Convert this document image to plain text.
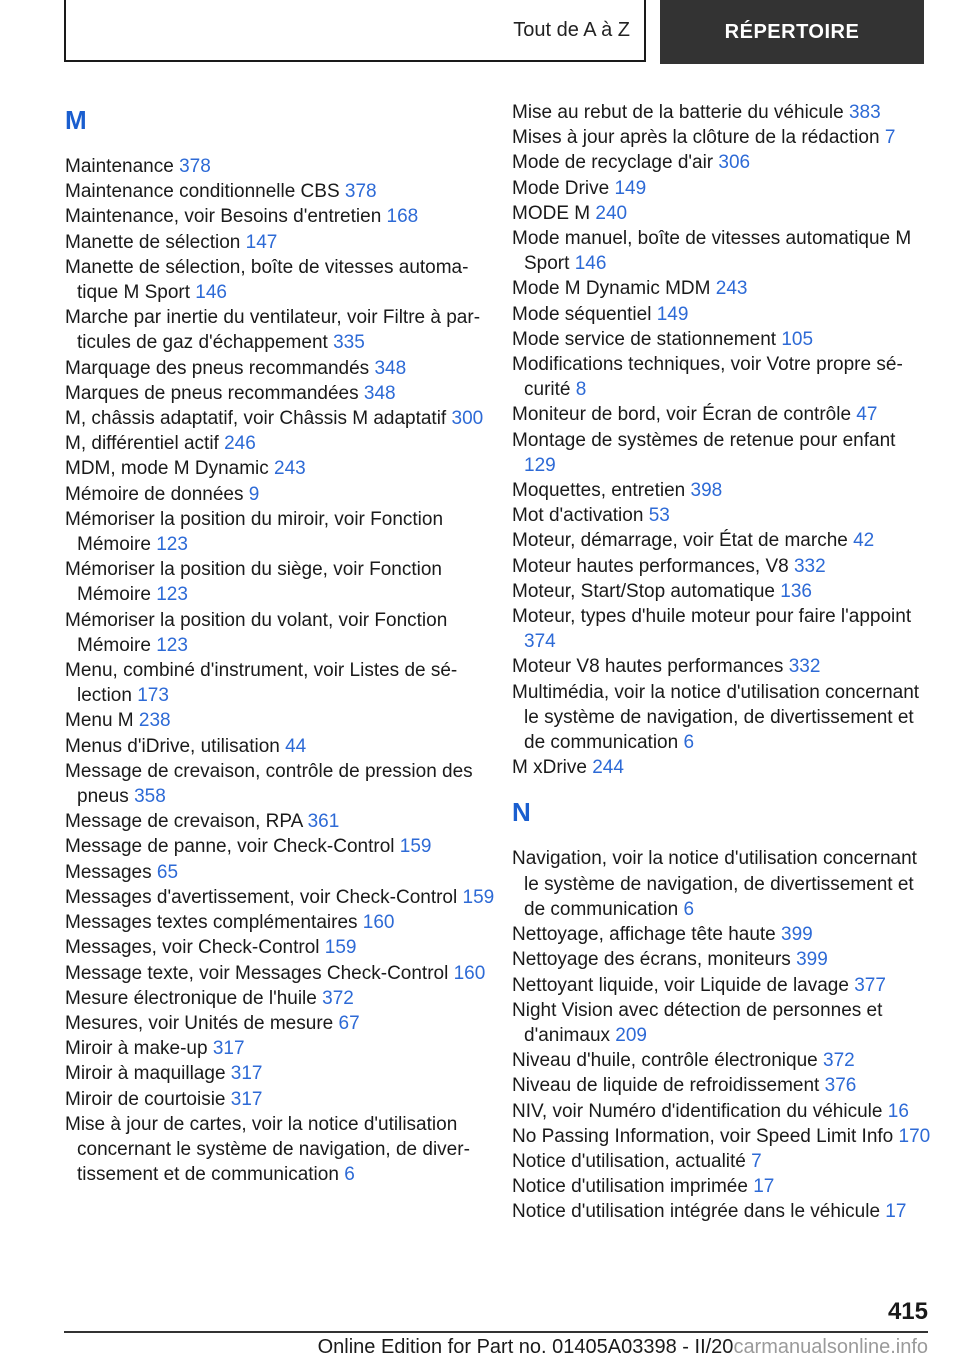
Tout de A à Z	RÉPERTOIRE
M

Maintenance 378

Maintenance conditionnelle CBS 378

Maintenance, voir Besoins d'entretien 168

Manette de sélection 147

Manette de sélection, boîte de vitesses automatique M Sport 146

Marche par inertie du ventilateur, voir Filtre à particules de gaz d'échappement 335

Marquage des pneus recommandés 348

Marques de pneus recommandées 348

M, châssis adaptatif, voir Châssis M adaptatif 300

M, différentiel actif 246

MDM, mode M Dynamic 243

Mémoire de données 9

Mémoriser la position du miroir, voir Fonction Mémoire 123

Mémoriser la position du siège, voir Fonction Mémoire 123

Mémoriser la position du volant, voir Fonction Mémoire 123

Menu, combiné d'instrument, voir Listes de sélection 173

Menu M 238

Menus d'iDrive, utilisation 44

Message de crevaison, contrôle de pression des pneus 358

Message de crevaison, RPA 361

Message de panne, voir Check-Control 159

Messages 65

Messages d'avertissement, voir Check-Control 159

Messages textes complémentaires 160

Messages, voir Check-Control 159

Message texte, voir Messages Check-Control 160

Mesure électronique de l'huile 372

Mesures, voir Unités de mesure 67

Miroir à make-up 317

Miroir à maquillage 317

Miroir de courtoisie 317

Mise à jour de cartes, voir la notice d'utilisation concernant le système de navigation, de divertissement et de communication 6

Mise au rebut de la batterie du véhicule 383

Mises à jour après la clôture de la rédaction 7

Mode de recyclage d'air 306

Mode Drive 149

MODE M 240

Mode manuel, boîte de vitesses automatique M Sport 146

Mode M Dynamic MDM 243

Mode séquentiel 149

Mode service de stationnement 105

Modifications techniques, voir Votre propre sécurité 8

Moniteur de bord, voir Écran de contrôle 47

Montage de systèmes de retenue pour enfant 129

Moquettes, entretien 398

Mot d'activation 53

Moteur, démarrage, voir État de marche 42

Moteur hautes performances, V8 332

Moteur, Start/Stop automatique 136

Moteur, types d'huile moteur pour faire l'appoint 374

Moteur V8 hautes performances 332

Multimédia, voir la notice d'utilisation concernant le système de navigation, de divertissement et de communication 6

M xDrive 244

N

Navigation, voir la notice d'utilisation concernant le système de navigation, de divertissement et de communication 6

Nettoyage, affichage tête haute 399

Nettoyage des écrans, moniteurs 399

Nettoyant liquide, voir Liquide de lavage 377

Night Vision avec détection de personnes et d'animaux 209

Niveau d'huile, contrôle électronique 372

Niveau de liquide de refroidissement 376

NIV, voir Numéro d'identification du véhicule 16

No Passing Information, voir Speed Limit Info 170

Notice d'utilisation, actualité 7

Notice d'utilisation imprimée 17

Notice d'utilisation intégrée dans le véhicule 17

415
Online Edition for Part no. 01405A03398 - II/20carmanualsonline.info
